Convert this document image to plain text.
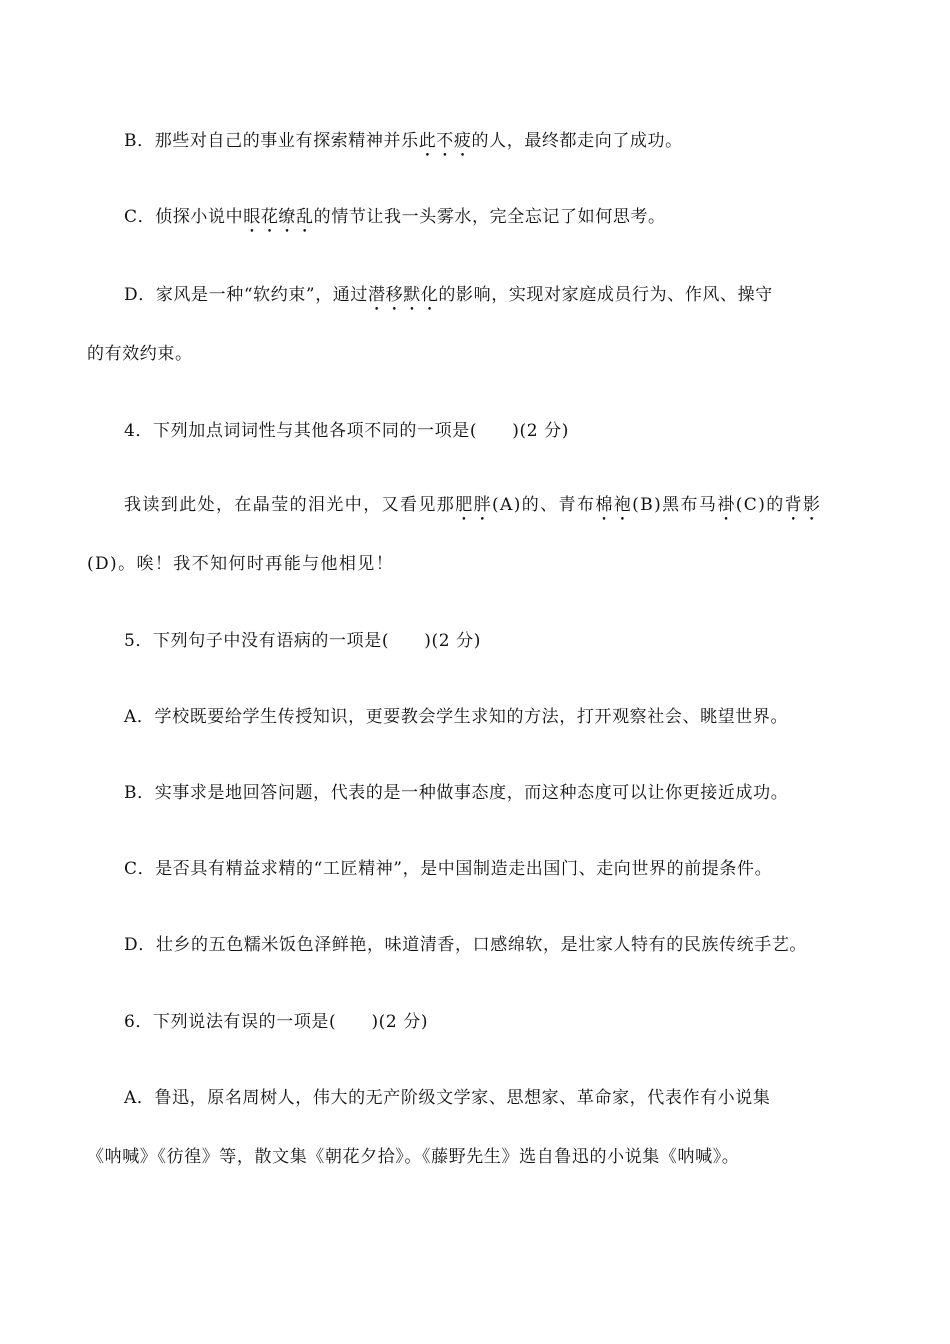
B．那些对自己的事业有探索精神并乐此不疲的人，最终都走向了成功。
C．侦探小说中眼花缭乱的情节让我一头雾水，完全忘记了如何思考。
D．家风是一种“软约束”，通过潜移默化的影响，实现对家庭成员行为、作风、操守
的有效约束。
4．下列加点词词性与其他各项不同的一项是(　　)(2 分)
我读到此处，在晶莹的泪光中，又看见那肥胖(A)的、青布棉袍(B)黑布马褂(C)的背影
(D)。唉！我不知何时再能与他相见！
5．下列句子中没有语病的一项是(　　)(2 分)
A．学校既要给学生传授知识，更要教会学生求知的方法，打开观察社会、眺望世界。
B．实事求是地回答问题，代表的是一种做事态度，而这种态度可以让你更接近成功。
C．是否具有精益求精的“工匠精神”，是中国制造走出国门、走向世界的前提条件。
D．壮乡的五色糯米饭色泽鲜艳，味道清香，口感绵软，是壮家人特有的民族传统手艺。
6．下列说法有误的一项是(　　)(2 分)
A．鲁迅，原名周树人，伟大的无产阶级文学家、思想家、革命家，代表作有小说集
《呐喊》《彷徨》等，散文集《朝花夕拾》。《藤野先生》选自鲁迅的小说集《呐喊》。
